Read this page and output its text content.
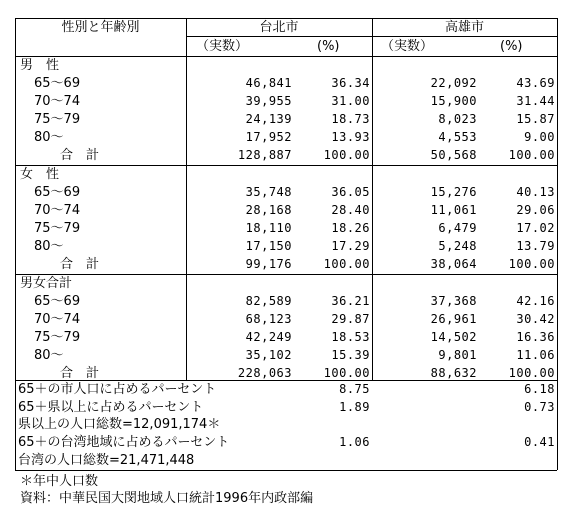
性別と年齢別	台北市	高雄市
（実数）	(%)	（実数）	(%)
男　性
65～69	46,841	36.34	22,092	43.69
70～74	39,955	31.00	15,900	31.44
75～79	24,139	18.73	8,023	15.87
80～	17,952	13.93	4,553	9.00
合　計	128,887	100.00	50,568	100.00
女　性
65～69	35,748	36.05	15,276	40.13
70～74	28,168	28.40	11,061	29.06
75～79	18,110	18.26	6,479	17.02
80～	17,150	17.29	5,248	13.79
合　計	99,176	100.00	38,064	100.00
男女合計
65～69	82,589	36.21	37,368	42.16
70～74	68,123	29.87	26,961	30.42
75～79	42,249	18.53	14,502	16.36
80～	35,102	15.39	9,801	11.06
合　計	228,063	100.00	88,632	100.00
65＋の市人口に占めるパーセント	8.75	6.18
65＋県以上に占めるパーセント	1.89	0.73
県以上の人口総数=12,091,174＊
65＋の台湾地域に占めるパーセント	1.06	0.41
台湾の人口総数=21,471,448
＊年中人口数
資料：中華民国大閔地域人口統計1996年内政部編
